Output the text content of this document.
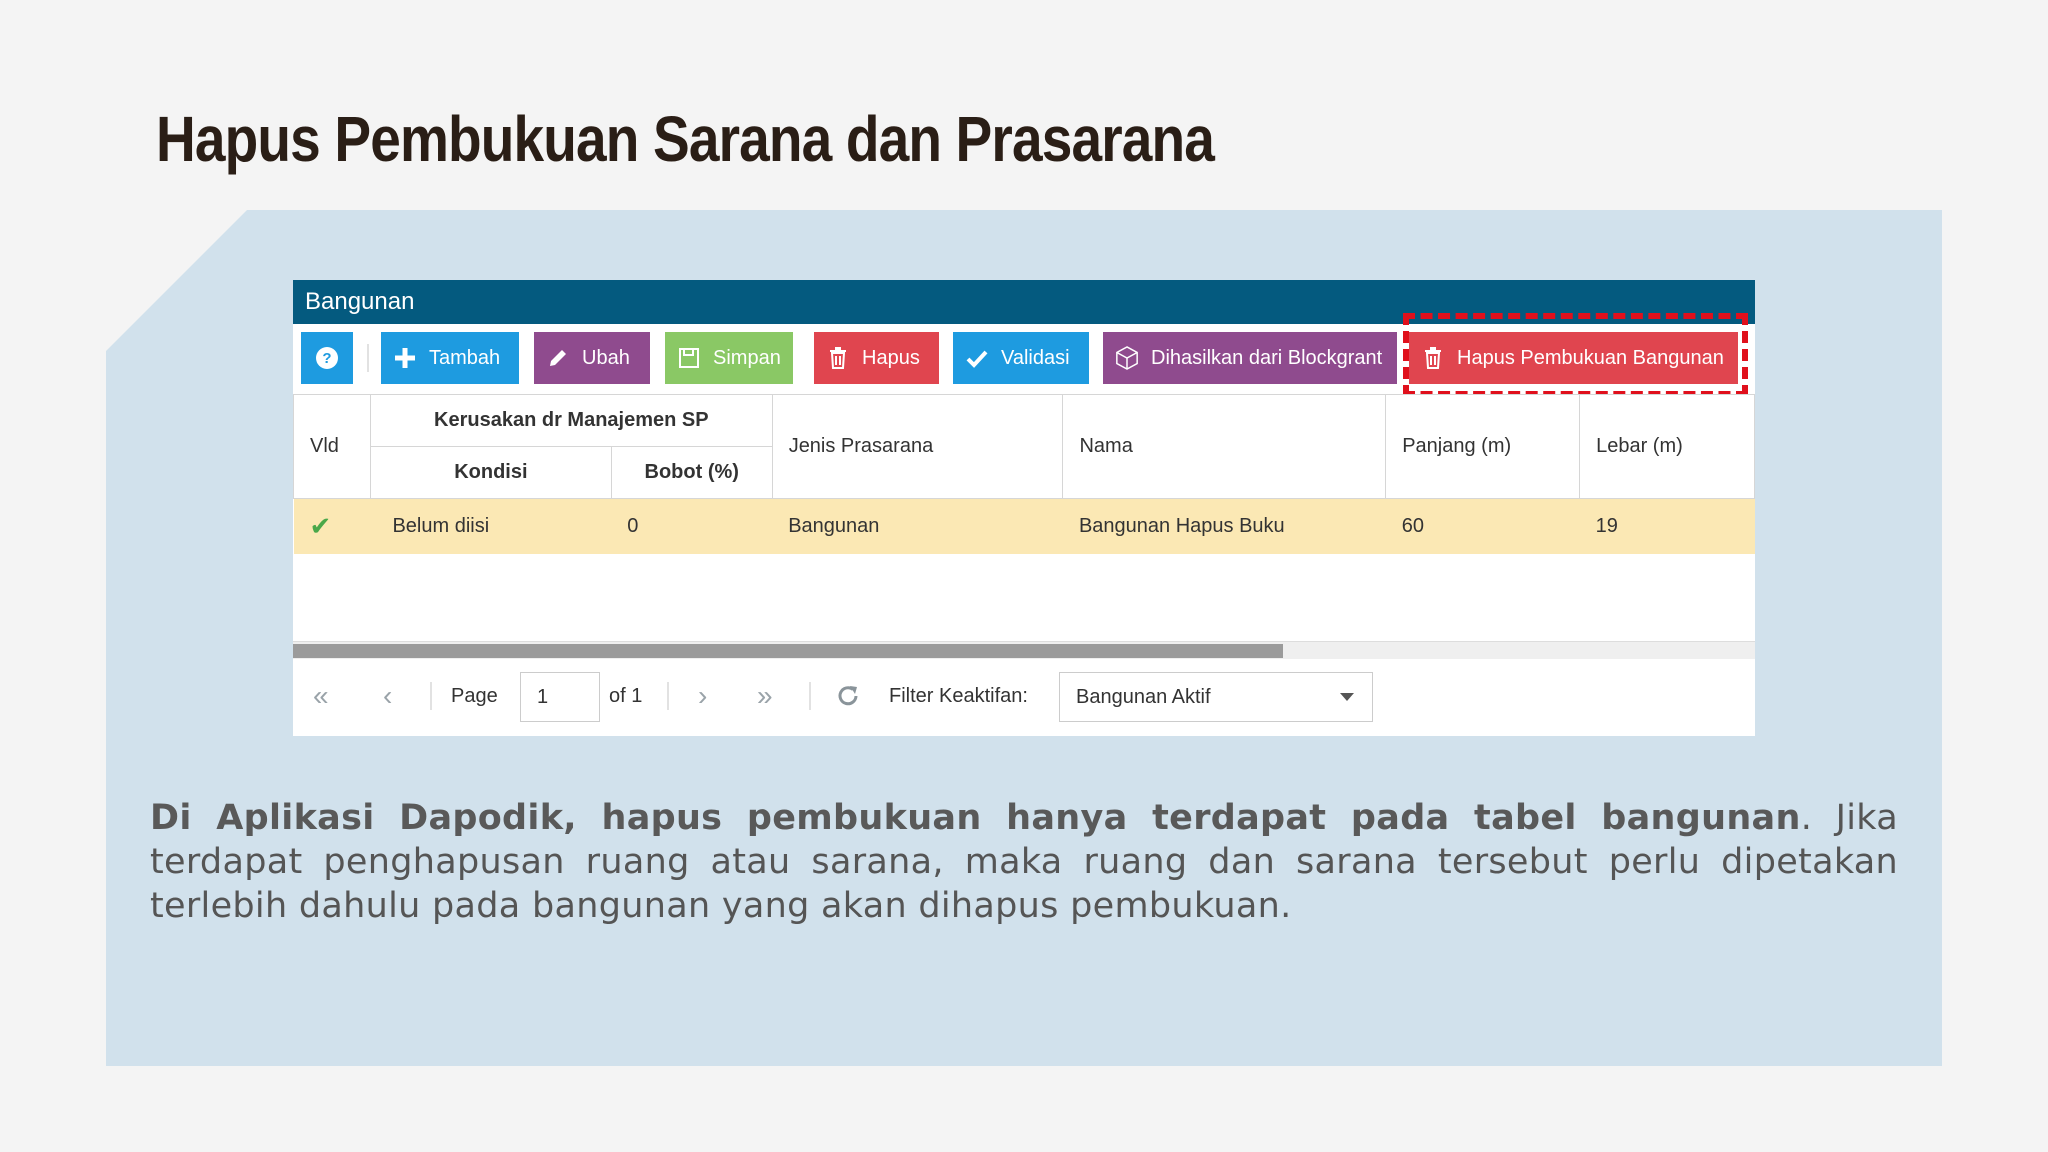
Hapus Pembukuan Sarana dan Prasarana
Bangunan
?	Tambah	Ubah	Simpan	Hapus	Validasi	Dihasilkan dari Blockgrant	Hapus Pembukuan Bangunan
Vld	Kerusakan dr Manajemen SP		Jenis Prasarana	Nama	Panjang (m)	Lebar (m)
	Kondisi	Bobot (%)				
✔	Belum diisi	0	Bangunan	Bangunan Hapus Buku	60	19
« ‹	Page	1	of 1 › »	Filter Keaktifan:	Bangunan Aktif
Di Aplikasi Dapodik, hapus pembukuan hanya terdapat pada tabel bangunan. Jika terdapat penghapusan ruang atau sarana, maka ruang dan sarana tersebut perlu dipetakan terlebih dahulu pada bangunan yang akan dihapus pembukuan.
